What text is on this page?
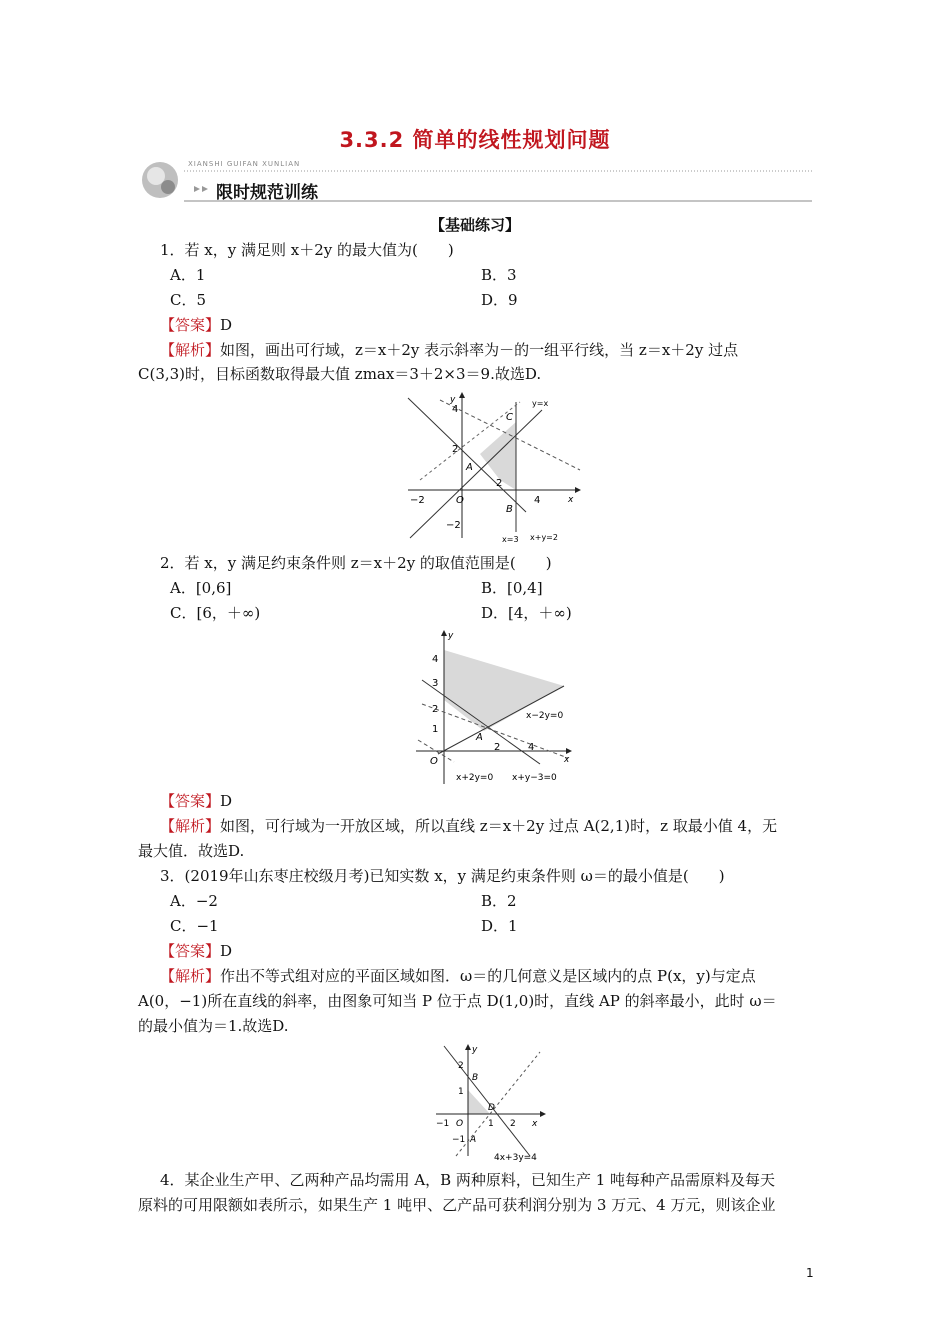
3.3.2 简单的线性规划问题
XIANSHI GUIFAN XUNLIAN
限时规范训练
【基础练习】
1．若 x，y 满足则 x＋2y 的最大值为(　　)
A．1	B．3
C．5	D．9
【答案】D
【解析】如图，画出可行域，z＝x＋2y 表示斜率为－的一组平行线，当 z＝x＋2y 过点
C(3,3)时，目标函数取得最大值 zmax＝3＋2×3＝9.故选D.
y
x
O
4
2
−2
2
4
−2
A
B
C
y=x
x=3 x+y=2
2．若 x，y 满足约束条件则 z＝x＋2y 的取值范围是(　　)
A．[0,6]	B．[0,4]
C．[6，＋∞)	D．[4，＋∞)
y
x
O
4
3
2
1
2	4
A
x−2y=0
x+2y=0 x+y−3=0
【答案】D
【解析】如图，可行域为一开放区域，所以直线 z＝x＋2y 过点 A(2,1)时，z 取最小值 4，无
最大值．故选D.
3．(2019年山东枣庄校级月考)已知实数 x，y 满足约束条件则 ω＝的最小值是(　　)
A．−2	B．2
C．−1	D．1
【答案】D
【解析】作出不等式组对应的平面区域如图．ω＝的几何意义是区域内的点 P(x，y)与定点
A(0，−1)所在直线的斜率，由图象可知当 P 位于点 D(1,0)时，直线 AP 的斜率最小，此时 ω＝
的最小值为＝1.故选D.
y
x
O
2
1
−1
−1	1 2
B
D
A
4x+3y=4
4．某企业生产甲、乙两种产品均需用 A，B 两种原料，已知生产 1 吨每种产品需原料及每天
原料的可用限额如表所示，如果生产 1 吨甲、乙产品可获利润分别为 3 万元、4 万元，则该企业
1
